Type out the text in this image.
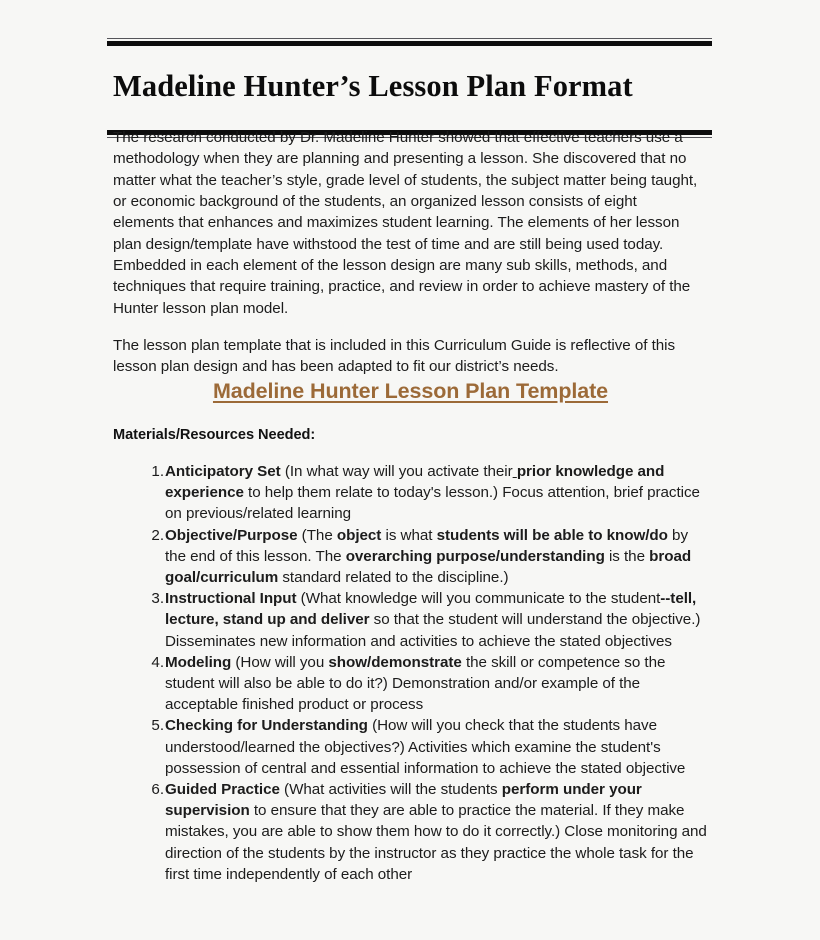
Madeline Hunter’s Lesson Plan Format

The research conducted by Dr. Madeline Hunter showed that effective teachers use a methodology when they are planning and presenting a lesson. She discovered that no matter what the teacher’s style, grade level of students, the subject matter being taught, or economic background of the students, an organized lesson consists of eight elements that enhances and maximizes student learning. The elements of her lesson plan design/template have withstood the test of time and are still being used today. Embedded in each element of the lesson design are many sub skills, methods, and techniques that require training, practice, and review in order to achieve mastery of the Hunter lesson plan model.

The lesson plan template that is included in this Curriculum Guide is reflective of this lesson plan design and has been adapted to fit our district’s needs.

Madeline Hunter Lesson Plan Template
Materials/Resources Needed:
1. Anticipatory Set (In what way will you activate their prior knowledge and experience to help them relate to today's lesson.) Focus attention, brief practice on previous/related learning
2. Objective/Purpose (The object is what students will be able to know/do by the end of this lesson. The overarching purpose/understanding is the broad goal/curriculum standard related to the discipline.)
3. Instructional Input (What knowledge will you communicate to the student--tell, lecture, stand up and deliver so that the student will understand the objective.) Disseminates new information and activities to achieve the stated objectives
4. Modeling (How will you show/demonstrate the skill or competence so the student will also be able to do it?) Demonstration and/or example of the acceptable finished product or process
5. Checking for Understanding (How will you check that the students have understood/learned the objectives?) Activities which examine the student's possession of central and essential information to achieve the stated objective
6. Guided Practice (What activities will the students perform under your supervision to ensure that they are able to practice the material. If they make mistakes, you are able to show them how to do it correctly.) Close monitoring and direction of the students by the instructor as they practice the whole task for the first time independently of each other
